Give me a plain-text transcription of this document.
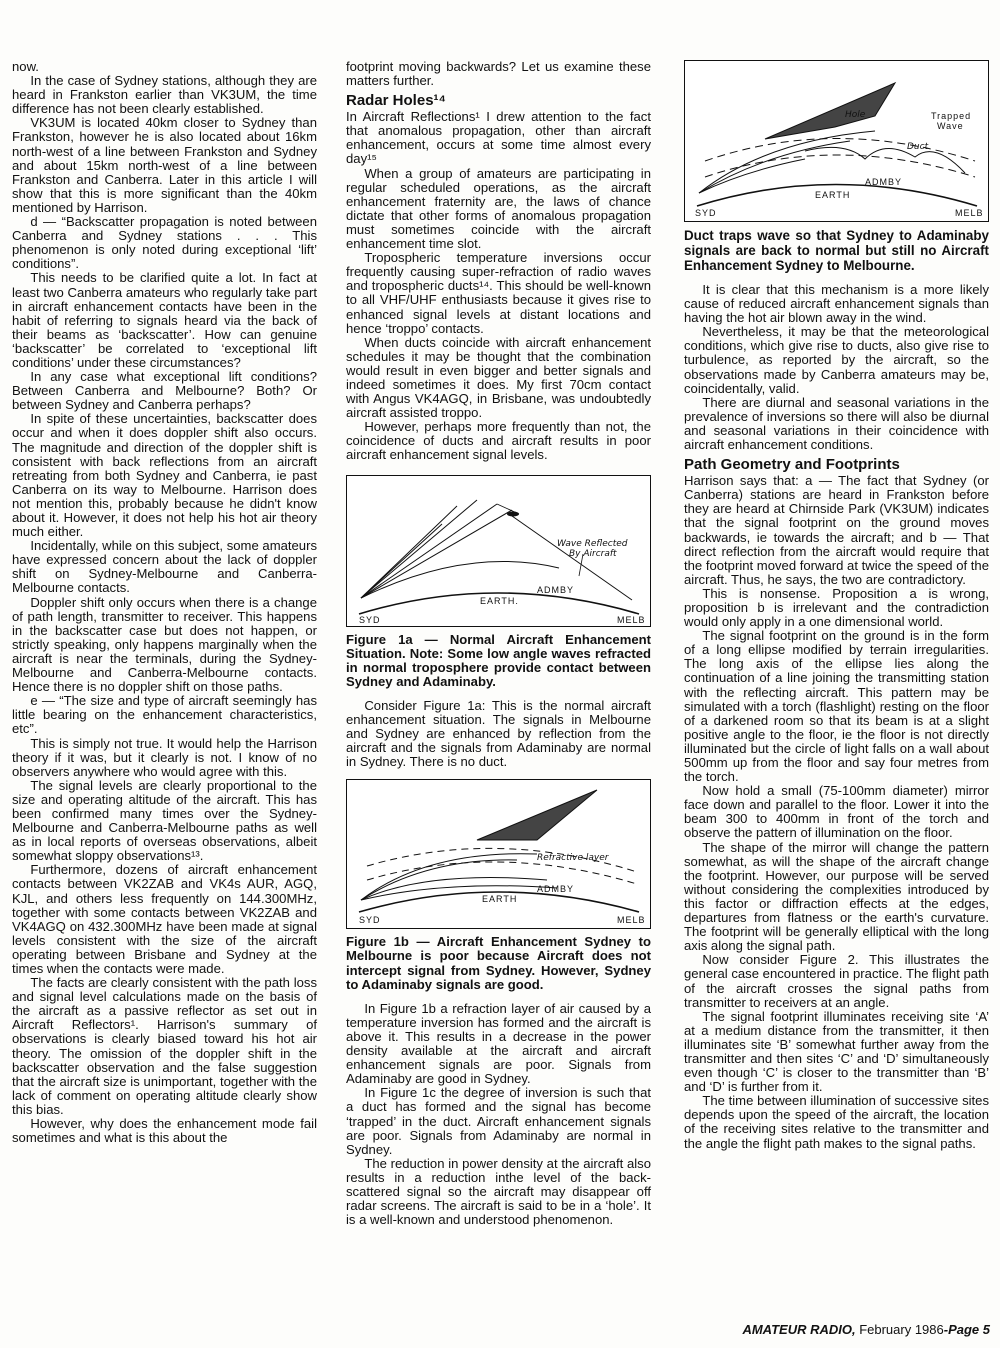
now.

In the case of Sydney stations, although they are heard in Frankston earlier than VK3UM, the time difference has not been clearly established.

VK3UM is located 40km closer to Sydney than Frankston, however he is also located about 16km north-west of a line between Frankston and Sydney and about 15km north-west of a line between Frankston and Canberra. Later in this article I will show that this is more significant than the 40km mentioned by Harrison.

d — “Backscatter propagation is noted between Canberra and Sydney stations . . . This phenomenon is only noted during exceptional ‘lift’ conditions”.

This needs to be clarified quite a lot. In fact at least two Canberra amateurs who regularly take part in aircraft enhancement contacts have been in the habit of referring to signals heard via the back of their beams as ‘backscatter’. How can genuine ‘backscatter’ be correlated to ‘exceptional lift conditions’ under these circumstances?

In any case what exceptional lift conditions? Between Canberra and Melbourne? Both? Or between Sydney and Canberra perhaps?

In spite of these uncertainties, backscatter does occur and when it does doppler shift also occurs. The magnitude and direction of the doppler shift is consistent with back reflections from an aircraft retreating from both Sydney and Canberra, ie past Canberra on its way to Melbourne. Harrison does not mention this, probably because he didn't know about it. However, it does not help his hot air theory much either.

Incidentally, while on this subject, some amateurs have expressed concern about the lack of doppler shift on Sydney-Melbourne and Canberra-Melbourne contacts.

Doppler shift only occurs when there is a change of path length, transmitter to receiver. This happens in the backscatter case but does not happen, or strictly speaking, only happens marginally when the aircraft is near the terminals, during the Sydney- Melbourne and Canberra-Melbourne contacts. Hence there is no doppler shift on those paths.

e — “The size and type of aircraft seemingly has little bearing on the enhancement characteristics, etc”.

This is simply not true. It would help the Harrison theory if it was, but it clearly is not. I know of no observers anywhere who would agree with this.

The signal levels are clearly proportional to the size and operating altitude of the aircraft. This has been confirmed many times over the Sydney-Melbourne and Canberra-Melbourne paths as well as in local reports of overseas observations, albeit somewhat sloppy observations¹³.

Furthermore, dozens of aircraft enhancement contacts between VK2ZAB and VK4s AUR, AGQ, KJL, and others less frequently on 144.300MHz, together with some contacts between VK2ZAB and VK4AGQ on 432.300MHz have been made at signal levels consistent with the size of the aircraft operating between Brisbane and Sydney at the times when the contacts were made.

The facts are clearly consistent with the path loss and signal level calculations made on the basis of the aircraft as a passive reflector as set out in Aircraft Reflectors¹. Harrison's summary of observations is clearly biased toward his hot air theory. The omission of the doppler shift in the backscatter observation and the false suggestion that the aircraft size is unimportant, together with the lack of comment on operating altitude clearly show this bias.

However, why does the enhancement mode fail sometimes and what is this about the

footprint moving backwards? Let us examine these matters further.

Radar Holes¹⁴

In Aircraft Reflections¹ I drew attention to the fact that anomalous propagation, other than aircraft enhancement, occurs at some time almost every day¹⁵

When a group of amateurs are participating in regular scheduled operations, as the aircraft enhancement fraternity are, the laws of chance dictate that other forms of anomalous propagation must sometimes coincide with the aircraft enhancement time slot.

Tropospheric temperature inversions occur frequently causing super-refraction of radio waves and tropospheric ducts¹⁴. This should be well-known to all VHF/UHF enthusiasts because it gives rise to enhanced signal levels at distant locations and hence ‘troppo’ contacts.

When ducts coincide with aircraft enhancement schedules it may be thought that the combination would result in even bigger and better signals and indeed sometimes it does. My first 70cm contact with Angus VK4AGQ, in Brisbane, was undoubtedly aircraft assisted troppo.

However, perhaps more frequently than not, the coincidence of ducts and aircraft results in poor aircraft enhancement signal levels.

Wave Reflected
By Aircraft
EARTH.
ADMBY
SYD	MELB

Figure 1a — Normal Aircraft Enhancement Situation. Note: Some low angle waves refracted in normal troposphere provide contact between Sydney and Adaminaby.

Consider Figure 1a: This is the normal aircraft enhancement situation. The signals in Melbourne and Sydney are enhanced by reflection from the aircraft and the signals from Adaminaby are normal in Sydney. There is no duct.

Refractive layer
EARTH
ADMBY
SYD	MELB

Figure 1b — Aircraft Enhancement Sydney to Melbourne is poor because Aircraft does not intercept signal from Sydney. However, Sydney to Adaminaby signals are good.

In Figure 1b a refraction layer of air caused by a temperature inversion has formed and the aircraft is above it. This results in a decrease in the power density available at the aircraft and aircraft enhancement signals are poor. Signals from Adaminaby are good in Sydney.

In Figure 1c the degree of inversion is such that a duct has formed and the signal has become ‘trapped’ in the duct. Aircraft enhancement signals are poor. Signals from Adaminaby are normal in Sydney.

The reduction in power density at the aircraft also results in a reduction inthe level of the back-scattered signal so the aircraft may disappear off radar screens. The aircraft is said to be in a ‘hole’. It is a well-known and understood phenomenon.

Hole	Trapped
Wave
Duct
EARTH
ADMBY
SYD	MELB

Duct traps wave so that Sydney to Adaminaby signals are back to normal but still no Aircraft Enhancement Sydney to Melbourne.

It is clear that this mechanism is a more likely cause of reduced aircraft enhancement signals than having the hot air blown away in the wind.

Nevertheless, it may be that the meteorological conditions, which give rise to ducts, also give rise to turbulence, as reported by the aircraft, so the observations made by Canberra amateurs may be, coincidentally, valid.

There are diurnal and seasonal variations in the prevalence of inversions so there will also be diurnal and seasonal variations in their coincidence with aircraft enhancement conditions.

Path Geometry and Footprints

Harrison says that: a — The fact that Sydney (or Canberra) stations are heard in Frankston before they are heard at Chirnside Park (VK3UM) indicates that the signal footprint on the ground moves backwards, ie towards the aircraft; and b — That direct reflection from the aircraft would require that the footprint moved forward at twice the speed of the aircraft. Thus, he says, the two are contradictory.

This is nonsense. Proposition a is wrong, proposition b is irrelevant and the contradiction would only apply in a one dimensional world.

The signal footprint on the ground is in the form of a long ellipse modified by terrain irregularities. The long axis of the ellipse lies along the continuation of a line joining the transmitting station with the reflecting aircraft. This pattern may be simulated with a torch (flashlight) resting on the floor of a darkened room so that its beam is at a slight positive angle to the floor, ie the floor is not directly illuminated but the circle of light falls on a wall about 500mm up from the floor and say four metres from the torch.

Now hold a small (75-100mm diameter) mirror face down and parallel to the floor. Lower it into the beam 300 to 400mm in front of the torch and observe the pattern of illumination on the floor.

The shape of the mirror will change the pattern somewhat, as will the shape of the aircraft change the footprint. However, our purpose will be served without considering the complexities introduced by this factor or diffraction effects at the edges, departures from flatness or the earth's curvature. The footprint will be generally elliptical with the long axis along the signal path.

Now consider Figure 2. This illustrates the general case encountered in practice. The flight path of the aircraft crosses the signal paths from transmitter to receivers at an angle.

The signal footprint illuminates receiving site ‘A’ at a medium distance from the transmitter, it then illuminates site ‘B’ somewhat further away from the transmitter and then sites ‘C’ and ‘D’ simultaneously even though ‘C’ is closer to the transmitter than ‘B’ and ‘D’ is further from it.

The time between illumination of successive sites depends upon the speed of the aircraft, the location of the receiving sites relative to the transmitter and the angle the flight path makes to the signal paths.

AMATEUR RADIO, February 1986-Page 5
